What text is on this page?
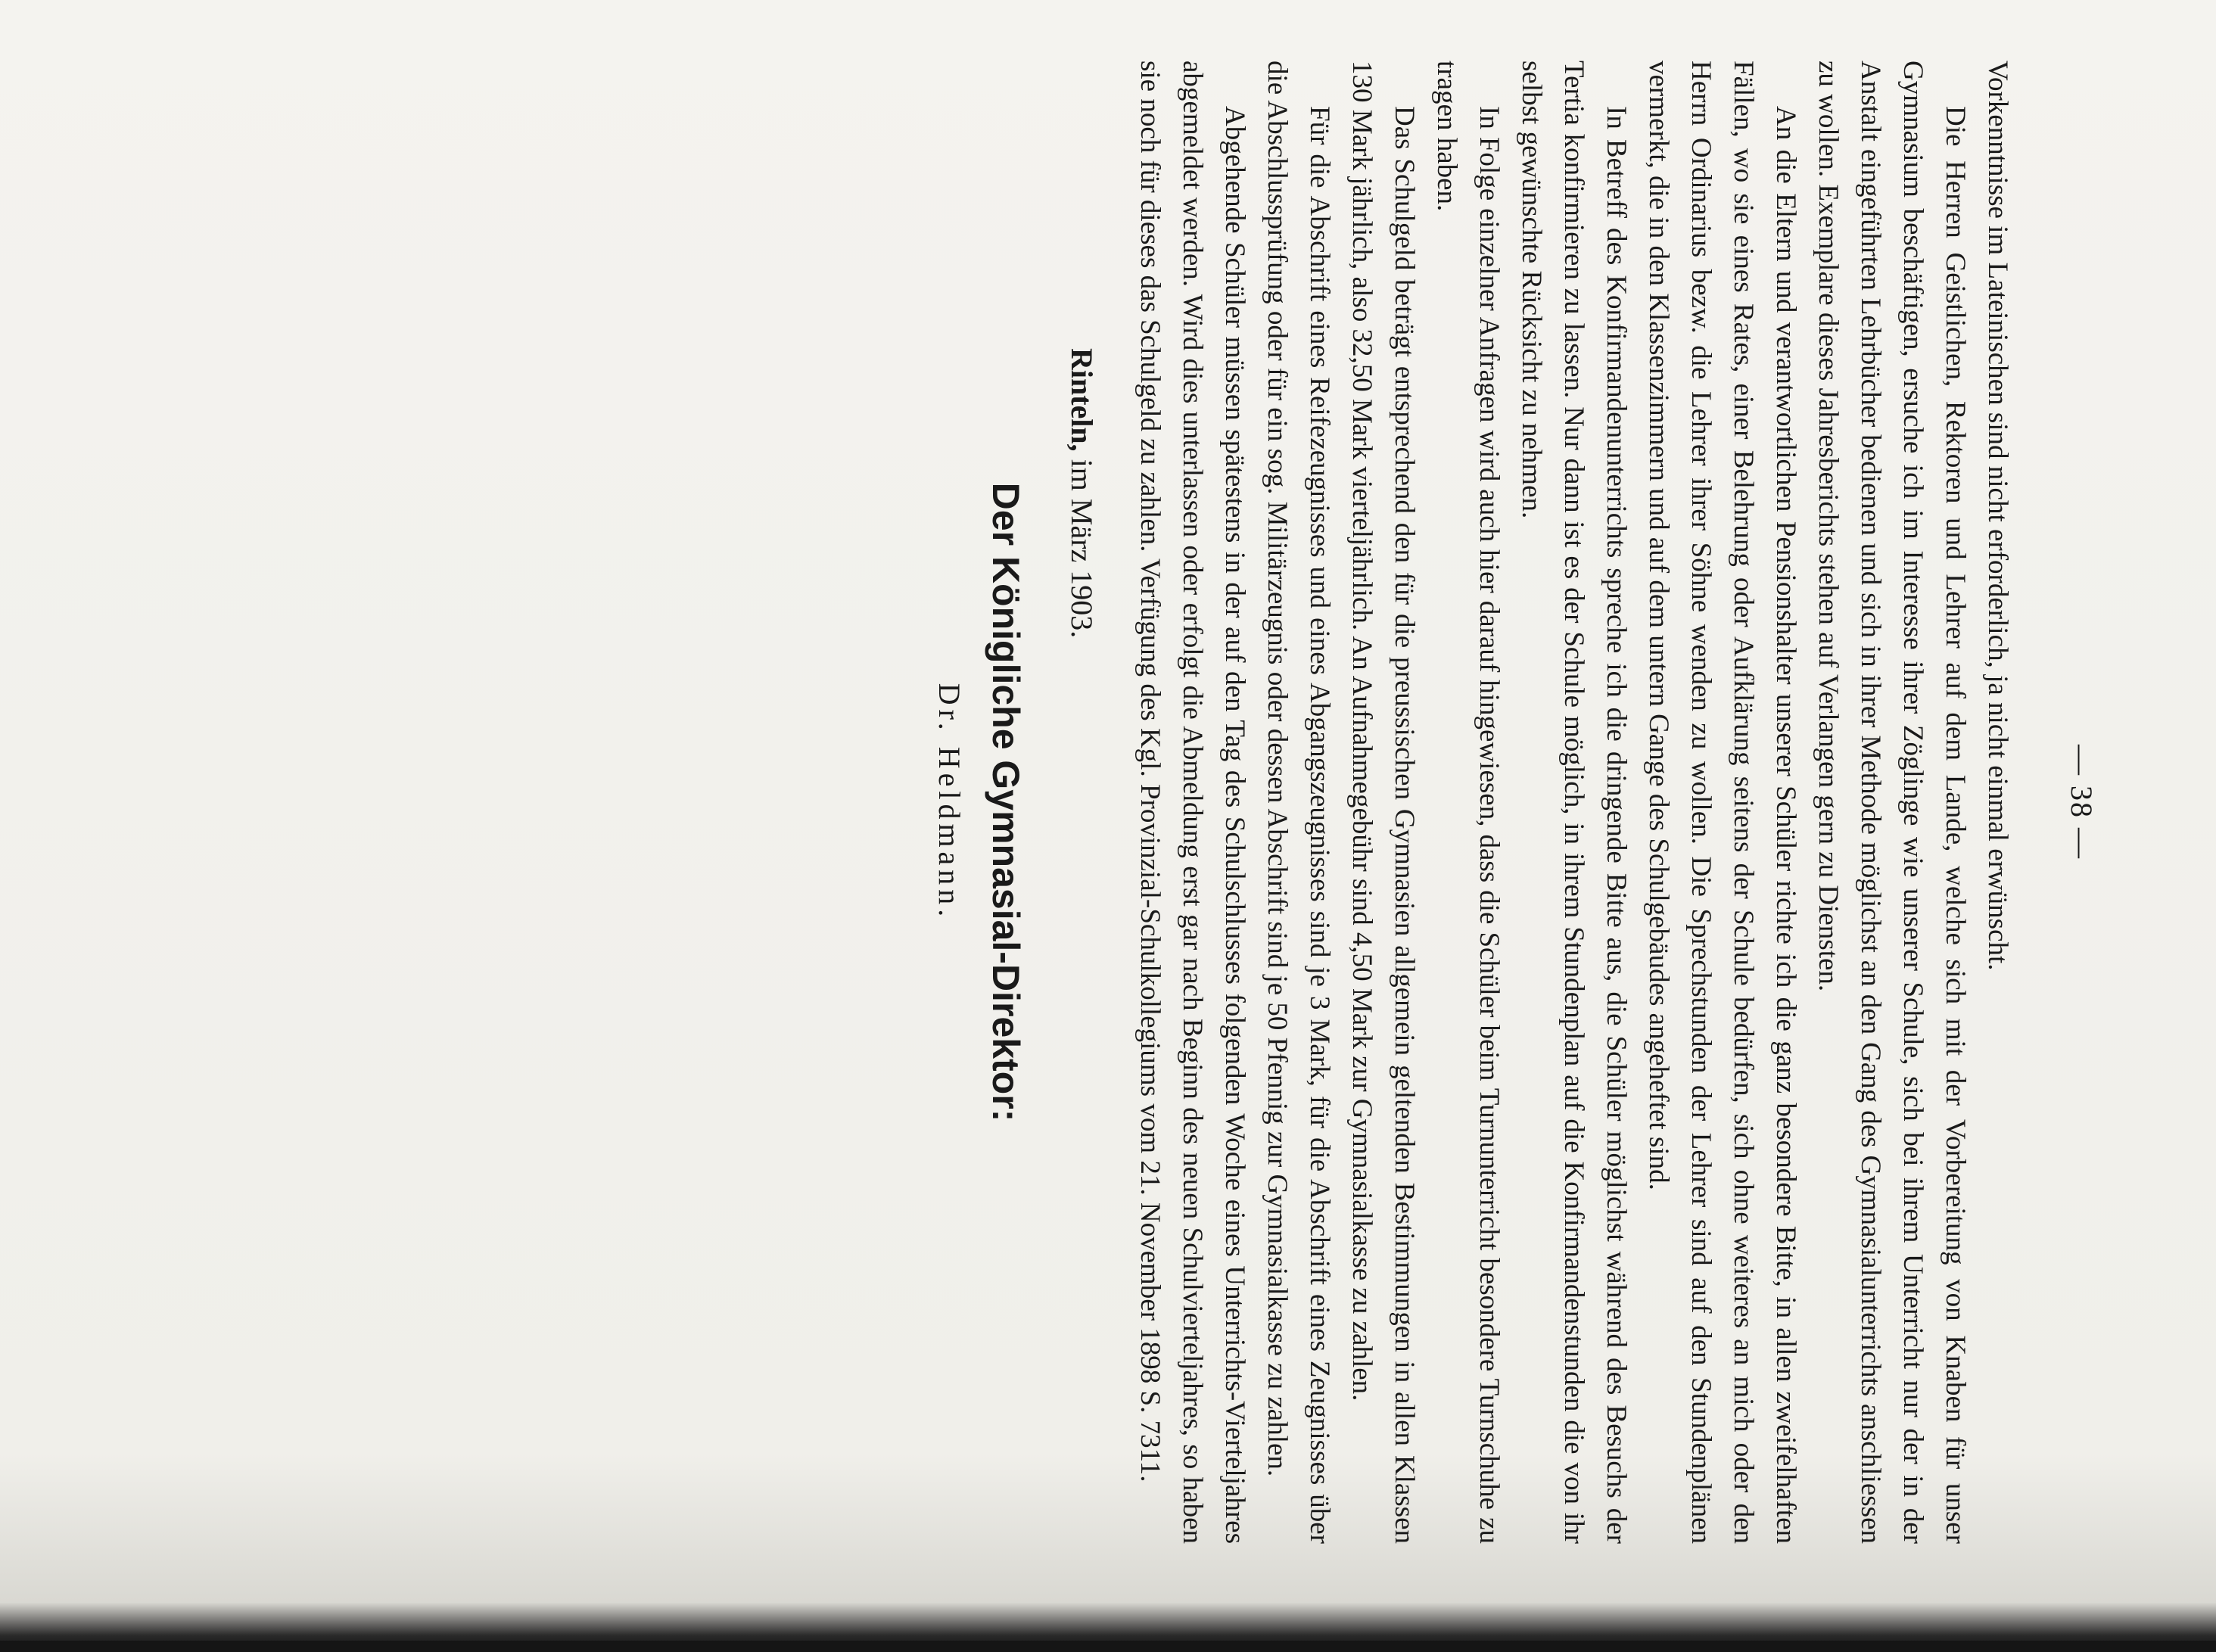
— 38 —

Vorkenntnisse im Lateinischen sind nicht erforderlich, ja nicht einmal erwünscht.

Die Herren Geistlichen, Rektoren und Lehrer auf dem Lande, welche sich mit der Vorbereitung von Knaben für unser Gymnasium beschäftigen, ersuche ich im Interesse ihrer Zöglinge wie unserer Schule, sich bei ihrem Unterricht nur der in der Anstalt eingeführten Lehrbücher bedienen und sich in ihrer Methode möglichst an den Gang des Gymnasialunterrichts anschliessen zu wollen. Exemplare dieses Jahresberichts stehen auf Verlangen gern zu Diensten.

An die Eltern und verantwortlichen Pensionshalter unserer Schüler richte ich die ganz besondere Bitte, in allen zweifelhaften Fällen, wo sie eines Rates, einer Belehrung oder Aufklärung seitens der Schule bedürfen, sich ohne weiteres an mich oder den Herrn Ordinarius bezw. die Lehrer ihrer Söhne wenden zu wollen. Die Sprechstunden der Lehrer sind auf den Stundenplänen vermerkt, die in den Klassenzimmern und auf dem untern Gange des Schulgebäudes angeheftet sind.

In Betreff des Konfirmandenunterrichts spreche ich die dringende Bitte aus, die Schüler möglichst während des Besuchs der Tertia konfirmieren zu lassen. Nur dann ist es der Schule möglich, in ihrem Stundenplan auf die Konfirmandenstunden die von ihr selbst gewünschte Rücksicht zu nehmen.

In Folge einzelner Anfragen wird auch hier darauf hingewiesen, dass die Schüler beim Turnunterricht besondere Turnschuhe zu tragen haben.

Das Schulgeld beträgt entsprechend den für die preussischen Gymnasien allgemein geltenden Bestimmungen in allen Klassen 130 Mark jährlich, also 32,50 Mark vierteljährlich. An Aufnahmegebühr sind 4,50 Mark zur Gymnasialkasse zu zahlen.

Für die Abschrift eines Reifezeugnisses und eines Abgangszeugnisses sind je 3 Mark, für die Abschrift eines Zeugnisses über die Abschlussprüfung oder für ein sog. Militärzeugnis oder dessen Abschrift sind je 50 Pfennig zur Gymnasialkasse zu zahlen.

Abgehende Schüler müssen spätestens in der auf den Tag des Schulschlusses folgenden Woche eines Unterrichts-Vierteljahres abgemeldet werden. Wird dies unterlassen oder erfolgt die Abmeldung erst gar nach Beginn des neuen Schulvierteljahres, so haben sie noch für dieses das Schulgeld zu zahlen. Verfügung des Kgl. Provinzial-Schulkollegiums vom 21. November 1898 S. 7311.

Rinteln, im März 1903.
Der Königliche Gymnasial-Direktor:
Dr. Heldmann.
